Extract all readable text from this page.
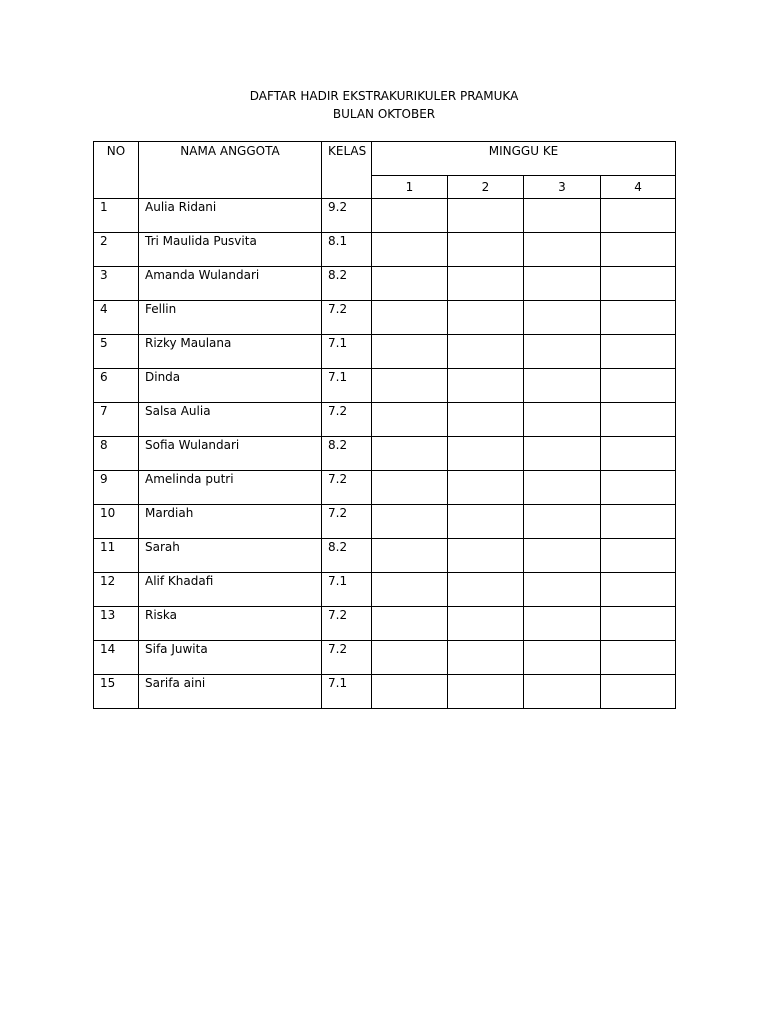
DAFTAR HADIR EKSTRAKURIKULER PRAMUKA
BULAN OKTOBER
NO	NAMA ANGGOTA	KELAS	MINGGU KE			
			1	2	3	4
1	Aulia Ridani	9.2				
2	Tri Maulida Pusvita	8.1				
3	Amanda Wulandari	8.2				
4	Fellin	7.2				
5	Rizky Maulana	7.1				
6	Dinda	7.1				
7	Salsa Aulia	7.2				
8	Sofia Wulandari	8.2				
9	Amelinda putri	7.2				
10	Mardiah	7.2				
11	Sarah	8.2				
12	Alif Khadafi	7.1				
13	Riska	7.2				
14	Sifa Juwita	7.2				
15	Sarifa aini	7.1				
